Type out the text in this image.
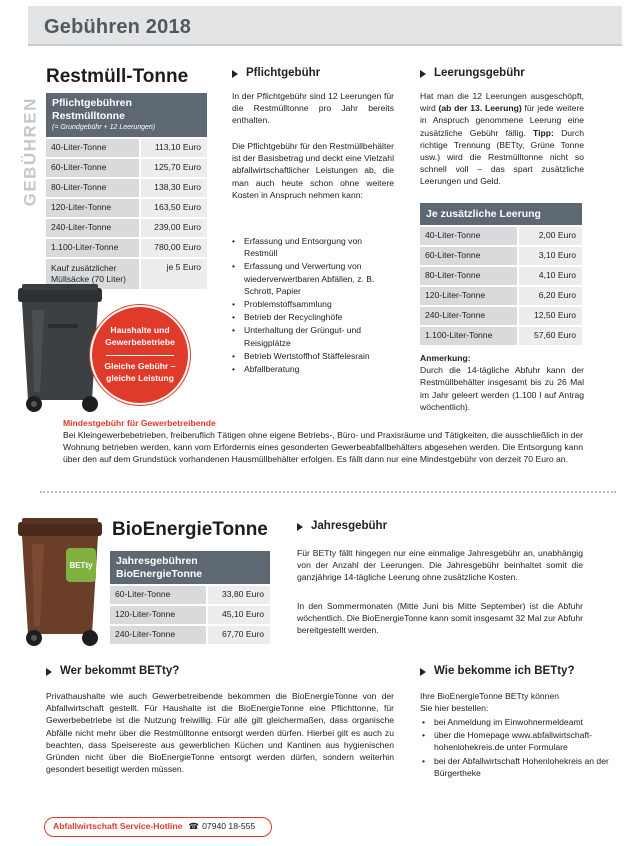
Gebühren 2018
GEBÜHREN
Restmüll-Tonne
Pflichtgebühren
Restmülltonne
(= Grundgebühr + 12 Leerungen)
40-Liter-Tonne	113,10 Euro
60-Liter-Tonne	125,70 Euro
80-Liter-Tonne	138,30 Euro
120-Liter-Tonne	163,50 Euro
240-Liter-Tonne	239,00 Euro
1.100-Liter-Tonne	780,00 Euro
Kauf zusätzlicher
Müllsäcke (70 Liter)
je 5 Euro
Haushalte und
Gewerbebetriebe
Gleiche Gebühr –
gleiche Leistung
Pflichtgebühr
In der Pflichtgebühr sind 12 Leerungen für die Restmülltonne pro Jahr bereits enthalten.
Die Pflichtgebühr für den Restmüllbehälter ist der Basisbetrag und deckt eine Vielzahl abfallwirtschaftlicher Leistungen ab, die man auch heute schon ohne weitere Kosten in Anspruch nehmen kann:
• Erfassung und Entsorgung von Restmüll
• Erfassung und Verwertung von wiederverwertbaren Abfällen, z. B. Schrott, Papier
• Problemstoffsammlung
• Betrieb der Recyclinghöfe
• Unterhaltung der Grüngut- und Reisigplätze
• Betrieb Wertstoffhof Stäffelesrain
• Abfallberatung
Leerungsgebühr
Hat man die 12 Leerungen ausgeschöpft, wird (ab der 13. Leerung) für jede weitere in Anspruch genommene Leerung eine zusätzliche Gebühr fällig. Tipp: Durch richtige Trennung (BETty, Grüne Tonne usw.) wird die Restmülltonne nicht so schnell voll – das spart zusätzliche Leerungen und Geld.
Je zusätzliche Leerung
40-Liter-Tonne	2,00 Euro
60-Liter-Tonne	3,10 Euro
80-Liter-Tonne	4,10 Euro
120-Liter-Tonne	6,20 Euro
240-Liter-Tonne	12,50 Euro
1.100-Liter-Tonne	57,60 Euro
Anmerkung:
Durch die 14-tägliche Abfuhr kann der Restmüllbehälter insgesamt bis zu 26 Mal im Jahr geleert werden (1.100 l auf Antrag wöchentlich).
Mindestgebühr für Gewerbetreibende
Bei Kleingewerbebetrieben, freiberuflich Tätigen ohne eigene Betriebs-, Büro- und Praxisräume und Tätigkeiten, die ausschließlich in der Wohnung betrieben werden, kann vom Erfordernis eines gesonderten Gewerbeabfallbehälters abgesehen werden. Die Entsorgung kann über den auf dem Grundstück vorhandenen Hausmüllbehälter erfolgen. Es fällt dann nur eine Mindestgebühr von derzeit 70 Euro an.
BETty
BioEnergieTonne
Jahresgebühren
BioEnergieTonne
60-Liter-Tonne	33,80 Euro
120-Liter-Tonne	45,10 Euro
240-Liter-Tonne	67,70 Euro
Jahresgebühr
Für BETty fällt hingegen nur eine einmalige Jahresgebühr an, unabhängig von der Anzahl der Leerungen. Die Jahresgebühr beinhaltet somit die ganzjährige 14-tägliche Leerung ohne zusätzliche Kosten.
In den Sommermonaten (Mitte Juni bis Mitte September) ist die Abfuhr wöchentlich. Die BioEnergieTonne kann somit insgesamt 32 Mal zur Abfuhr bereitgestellt werden.
Wer bekommt BETty?
Privathaushalte wie auch Gewerbetreibende bekommen die BioEnergieTonne von der Abfallwirtschaft gestellt. Für Haushalte ist die BioEnergieTonne eine Pflichttonne, für Gewerbebetriebe ist die Nutzung freiwillig. Für alle gilt gleichermaßen, dass organische Abfälle nicht mehr über die Restmülltonne entsorgt werden dürfen. Hierbei gilt es auch zu beachten, dass Speisereste aus gewerblichen Küchen und Kantinen aus hygienischen Gründen nicht über die BioEnergieTonne entsorgt werden dürfen, sondern weiterhin gesondert beseitigt werden müssen.
Wie bekomme ich BETty?
Ihre BioEnergieTonne BETty können Sie hier bestellen:
• bei Anmeldung im Einwohnermeldeamt
• über die Homepage www.abfallwirtschaft-hohenlohekreis.de unter Formulare
• bei der Abfallwirtschaft Hohenlohekreis an der Bürgertheke
Abfallwirtschaft Service-Hotline ☎ 07940 18-555
